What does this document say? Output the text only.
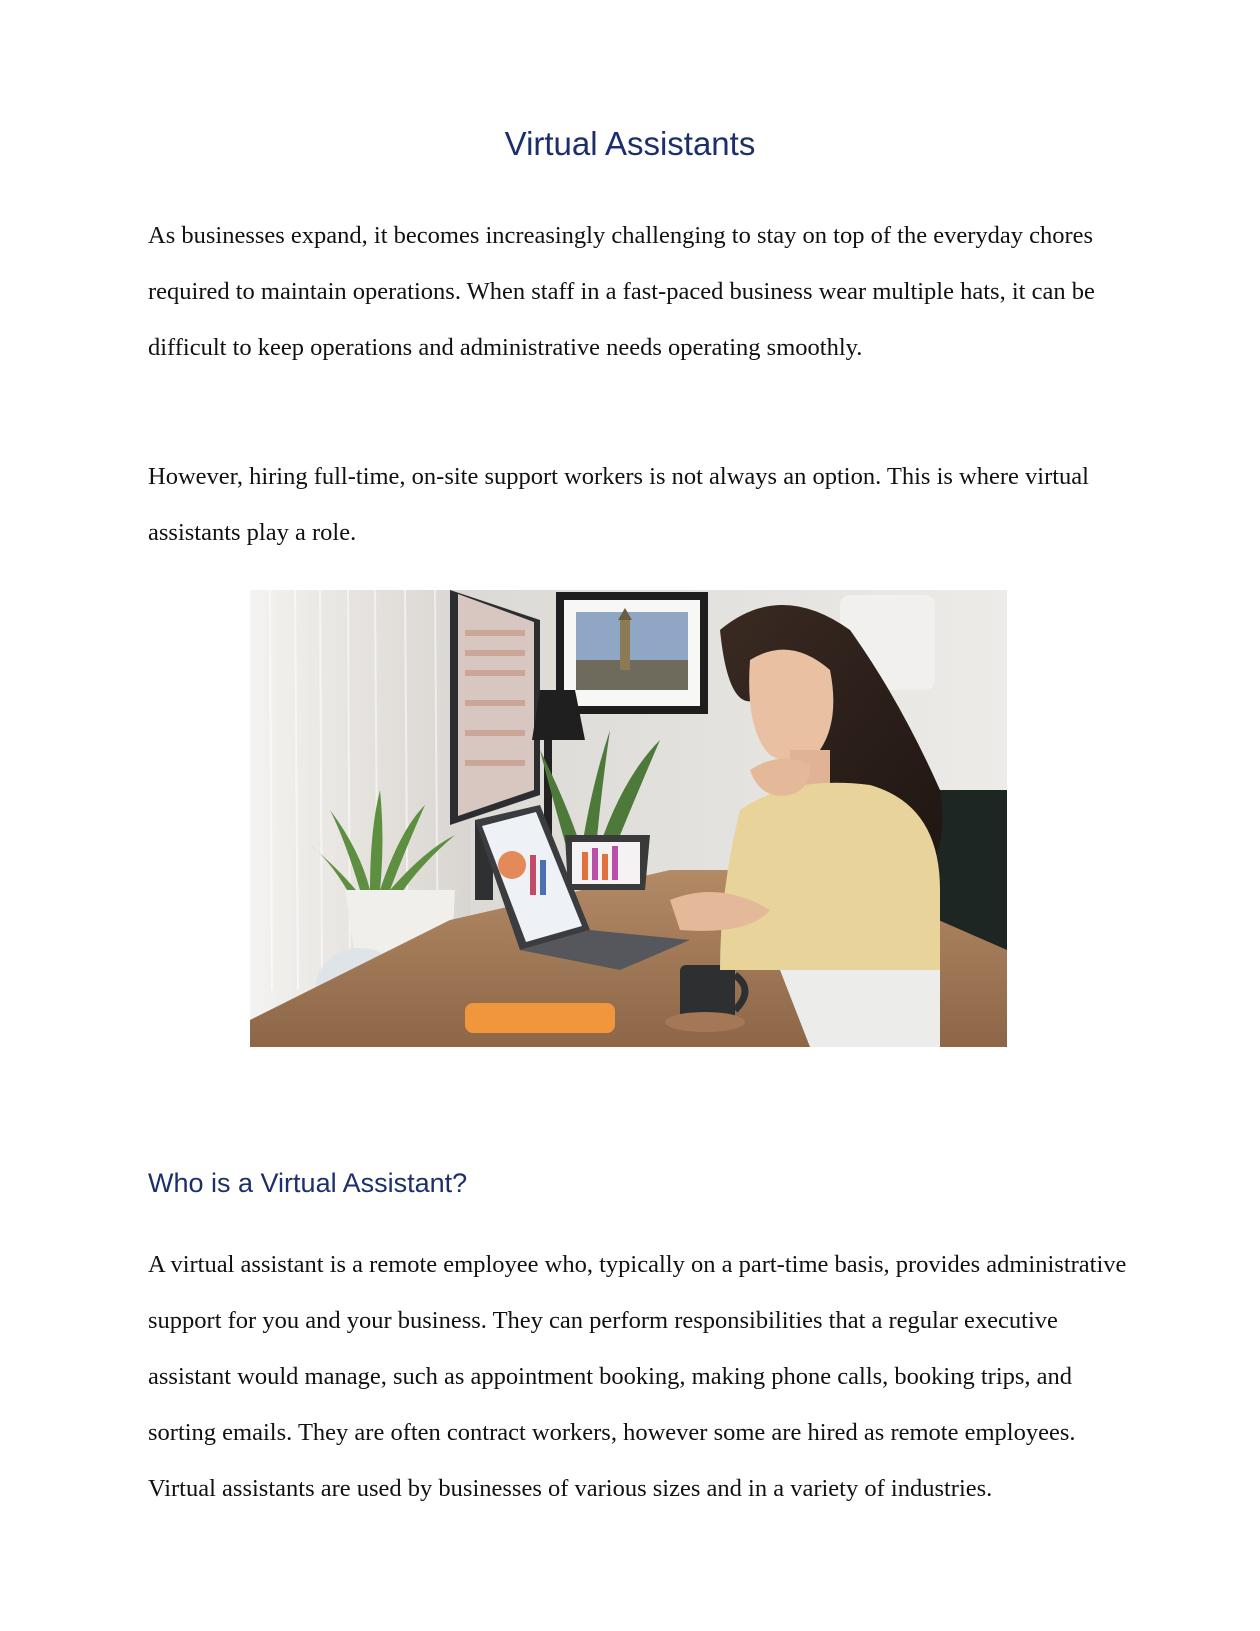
Virtual Assistants

As businesses expand, it becomes increasingly challenging to stay on top of the everyday chores required to maintain operations. When staff in a fast-paced business wear multiple hats, it can be difficult to keep operations and administrative needs operating smoothly.

However, hiring full-time, on-site support workers is not always an option. This is where virtual assistants play a role.

Who is a Virtual Assistant?

A virtual assistant is a remote employee who, typically on a part-time basis, provides administrative support for you and your business. They can perform responsibilities that a regular executive assistant would manage, such as appointment booking, making phone calls, booking trips, and sorting emails. They are often contract workers, however some are hired as remote employees. Virtual assistants are used by businesses of various sizes and in a variety of industries.
